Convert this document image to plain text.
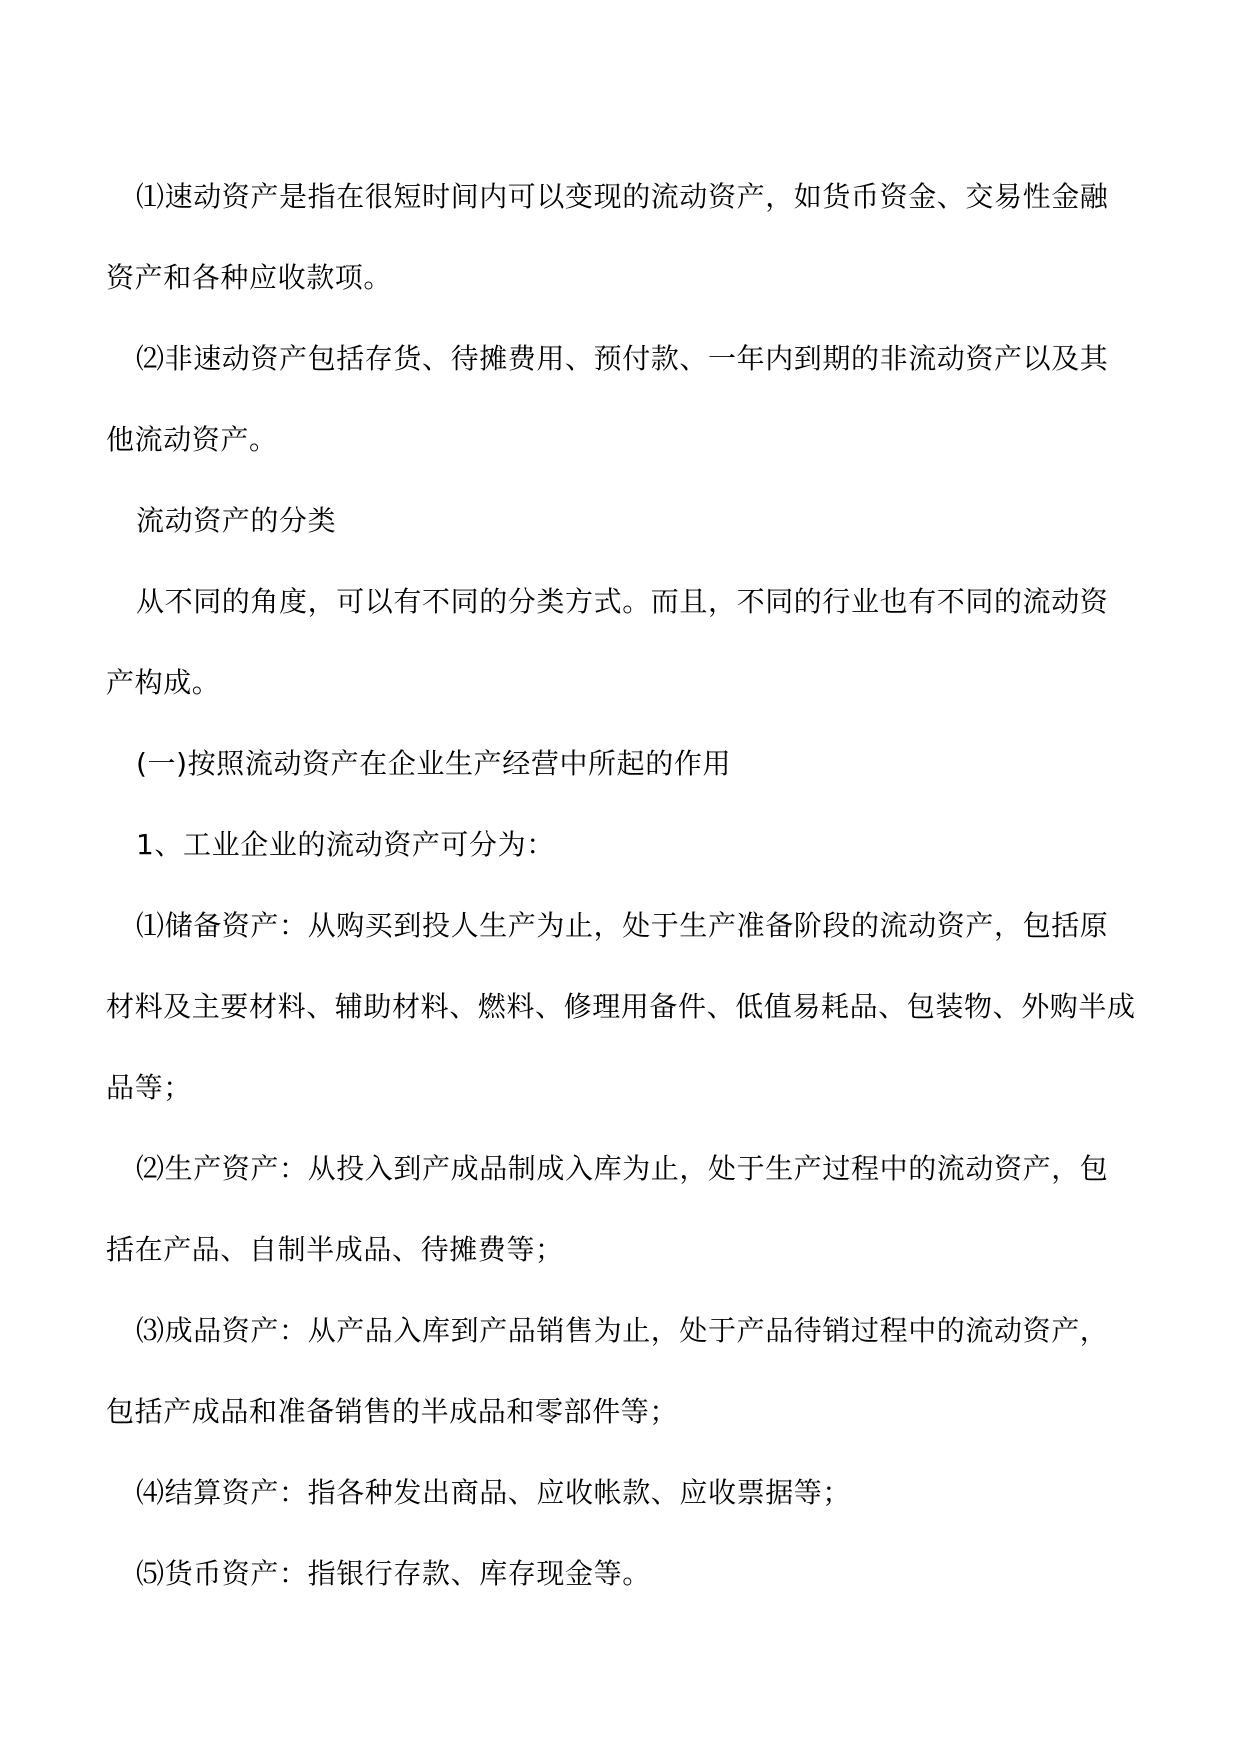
⑴速动资产是指在很短时间内可以变现的流动资产，如货币资金、交易性金融资产和各种应收款项。

⑵非速动资产包括存货、待摊费用、预付款、一年内到期的非流动资产以及其他流动资产。

流动资产的分类

从不同的角度，可以有不同的分类方式。而且，不同的行业也有不同的流动资产构成。

(一)按照流动资产在企业生产经营中所起的作用

1、工业企业的流动资产可分为：

⑴储备资产：从购买到投人生产为止，处于生产准备阶段的流动资产，包括原材料及主要材料、辅助材料、燃料、修理用备件、低值易耗品、包装物、外购半成品等；

⑵生产资产：从投入到产成品制成入库为止，处于生产过程中的流动资产，包括在产品、自制半成品、待摊费等；

⑶成品资产：从产品入库到产品销售为止，处于产品待销过程中的流动资产，包括产成品和准备销售的半成品和零部件等；

⑷结算资产：指各种发出商品、应收帐款、应收票据等；

⑸货币资产：指银行存款、库存现金等。
